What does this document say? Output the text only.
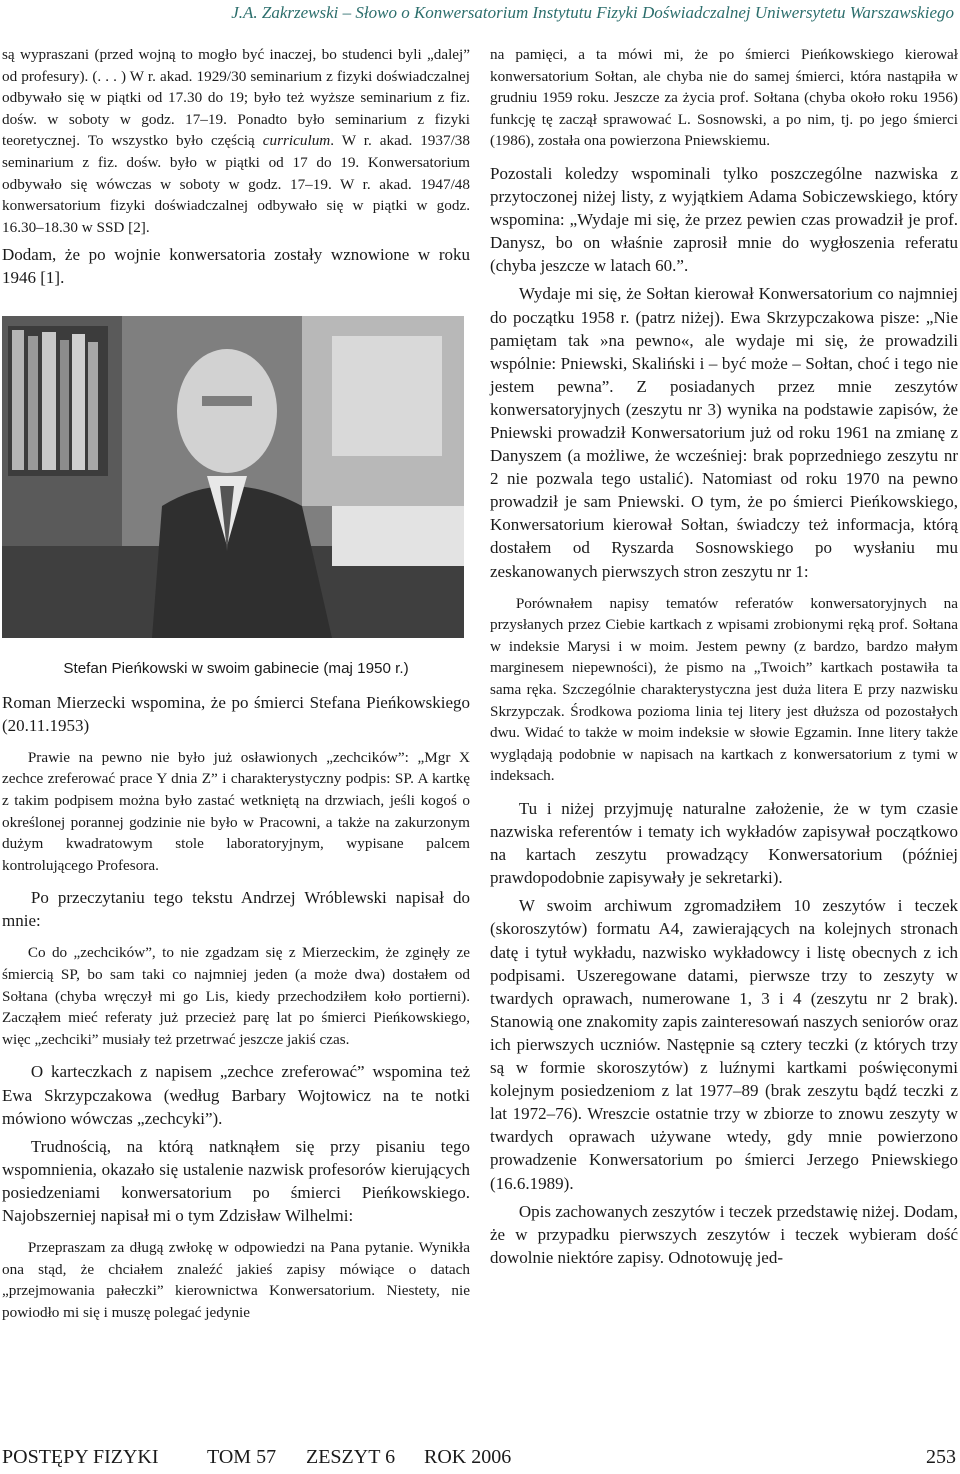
J.A. Zakrzewski – Słowo o Konwersatorium Instytutu Fizyki Doświadczalnej Uniwersytetu Warszawskiego

są wypraszani (przed wojną to mogło być inaczej, bo studenci byli „dalej” od profesury). (. . . ) W r. akad. 1929/30 seminarium z fizyki doświadczalnej odbywało się w piątki od 17.30 do 19; było też wyższe seminarium z fiz. dośw. w soboty w godz. 17–19. Ponadto było seminarium z fizyki teoretycznej. To wszystko było częścią curriculum. W r. akad. 1937/38 seminarium z fiz. dośw. było w piątki od 17 do 19. Konwersatorium odbywało się wówczas w soboty w godz. 17–19. W r. akad. 1947/48 konwersatorium fizyki doświadczalnej odbywało się w piątki w godz. 16.30–18.30 w SSD [2].

Dodam, że po wojnie konwersatoria zostały wznowione w roku 1946 [1].

Stefan Pieńkowski w swoim gabinecie (maj 1950 r.)

Roman Mierzecki wspomina, że po śmierci Stefana Pieńkowskiego (20.11.1953)

Prawie na pewno nie było już osławionych „zechcików”: „Mgr X zechce zreferować prace Y dnia Z” i charakterystyczny podpis: SP. A kartkę z takim podpisem można było zastać wetkniętą na drzwiach, jeśli kogoś o określonej porannej godzinie nie było w Pracowni, a także na zakurzonym dużym kwadratowym stole laboratoryjnym, wypisane palcem kontrolującego Profesora.

Po przeczytaniu tego tekstu Andrzej Wróblewski napisał do mnie:

Co do „zechcików”, to nie zgadzam się z Mierzeckim, że zginęły ze śmiercią SP, bo sam taki co najmniej jeden (a może dwa) dostałem od Sołtana (chyba wręczył mi go Lis, kiedy przechodziłem koło portierni). Zacząłem mieć referaty już przecież parę lat po śmierci Pieńkowskiego, więc „zechciki” musiały też przetrwać jeszcze jakiś czas.

O karteczkach z napisem „zechce zreferować” wspomina też Ewa Skrzypczakowa (według Barbary Wojtowicz na te notki mówiono wówczas „zechcyki”).

Trudnością, na którą natknąłem się przy pisaniu tego wspomnienia, okazało się ustalenie nazwisk profesorów kierujących posiedzeniami konwersatorium po śmierci Pieńkowskiego. Najobszerniej napisał mi o tym Zdzisław Wilhelmi:

Przepraszam za długą zwłokę w odpowiedzi na Pana pytanie. Wynikła ona stąd, że chciałem znaleźć jakieś zapisy mówiące o datach „przejmowania pałeczki” kierownictwa Konwersatorium. Niestety, nie powiodło mi się i muszę polegać jedynie

na pamięci, a ta mówi mi, że po śmierci Pieńkowskiego kierował konwersatorium Sołtan, ale chyba nie do samej śmierci, która nastąpiła w grudniu 1959 roku. Jeszcze za życia prof. Sołtana (chyba około roku 1956) funkcję tę zaczął sprawować L. Sosnowski, a po nim, tj. po jego śmierci (1986), została ona powierzona Pniewskiemu.

Pozostali koledzy wspominali tylko poszczególne nazwiska z przytoczonej niżej listy, z wyjątkiem Adama Sobiczewskiego, który wspomina: „Wydaje mi się, że przez pewien czas prowadził je prof. Danysz, bo on właśnie zaprosił mnie do wygłoszenia referatu (chyba jeszcze w latach 60.”.

Wydaje mi się, że Sołtan kierował Konwersatorium co najmniej do początku 1958 r. (patrz niżej). Ewa Skrzypczakowa pisze: „Nie pamiętam tak »na pewno«, ale wydaje mi się, że prowadzili wspólnie: Pniewski, Skaliński i – być może – Sołtan, choć i tego nie jestem pewna”. Z posiadanych przez mnie zeszytów konwersatoryjnych (zeszytu nr 3) wynika na podstawie zapisów, że Pniewski prowadził Konwersatorium już od roku 1961 na zmianę z Danyszem (a możliwe, że wcześniej: brak poprzedniego zeszytu nr 2 nie pozwala tego ustalić). Natomiast od roku 1970 na pewno prowadził je sam Pniewski. O tym, że po śmierci Pieńkowskiego, Konwersatorium kierował Sołtan, świadczy też informacja, którą dostałem od Ryszarda Sosnowskiego po wysłaniu mu zeskanowanych pierwszych stron zeszytu nr 1:

Porównałem napisy tematów referatów konwersatoryjnych na przysłanych przez Ciebie kartkach z wpisami zrobionymi ręką prof. Sołtana w indeksie Marysi i w moim. Jestem pewny (z bardzo, bardzo małym marginesem niepewności), że pismo na „Twoich” kartkach postawiła ta sama ręka. Szczególnie charakterystyczna jest duża litera E przy nazwisku Skrzypczak. Środkowa pozioma linia tej litery jest dłuższa od pozostałych dwu. Widać to także w moim indeksie w słowie Egzamin. Inne litery także wyglądają podobnie w napisach na kartkach z konwersatorium z tymi w indeksach.

Tu i niżej przyjmuję naturalne założenie, że w tym czasie nazwiska referentów i tematy ich wykładów zapisywał początkowo na kartach zeszytu prowadzący Konwersatorium (później prawdopodobnie zapisywały je sekretarki).

W swoim archiwum zgromadziłem 10 zeszytów i teczek (skoroszytów) formatu A4, zawierających na kolejnych stronach datę i tytuł wykładu, nazwisko wykładowcy i listę obecnych z ich podpisami. Uszeregowane datami, pierwsze trzy to zeszyty w twardych oprawach, numerowane 1, 3 i 4 (zeszytu nr 2 brak). Stanowią one znakomity zapis zainteresowań naszych seniorów oraz ich pierwszych uczniów. Następnie są cztery teczki (z których trzy są w formie skoroszytów) z luźnymi kartkami poświęconymi kolejnym posiedzeniom z lat 1977–89 (brak zeszytu bądź teczki z lat 1972–76). Wreszcie ostatnie trzy w zbiorze to znowu zeszyty w twardych oprawach używane wtedy, gdy mnie powierzono prowadzenie Konwersatorium po śmierci Jerzego Pniewskiego (16.6.1989).

Opis zachowanych zeszytów i teczek przedstawię niżej. Dodam, że w przypadku pierwszych zeszytów i teczek wybieram dość dowolnie niektóre zapisy. Odnotowuję jed-

POSTĘPY FIZYKI TOM 57 ZESZYT 6 ROK 2006	253
